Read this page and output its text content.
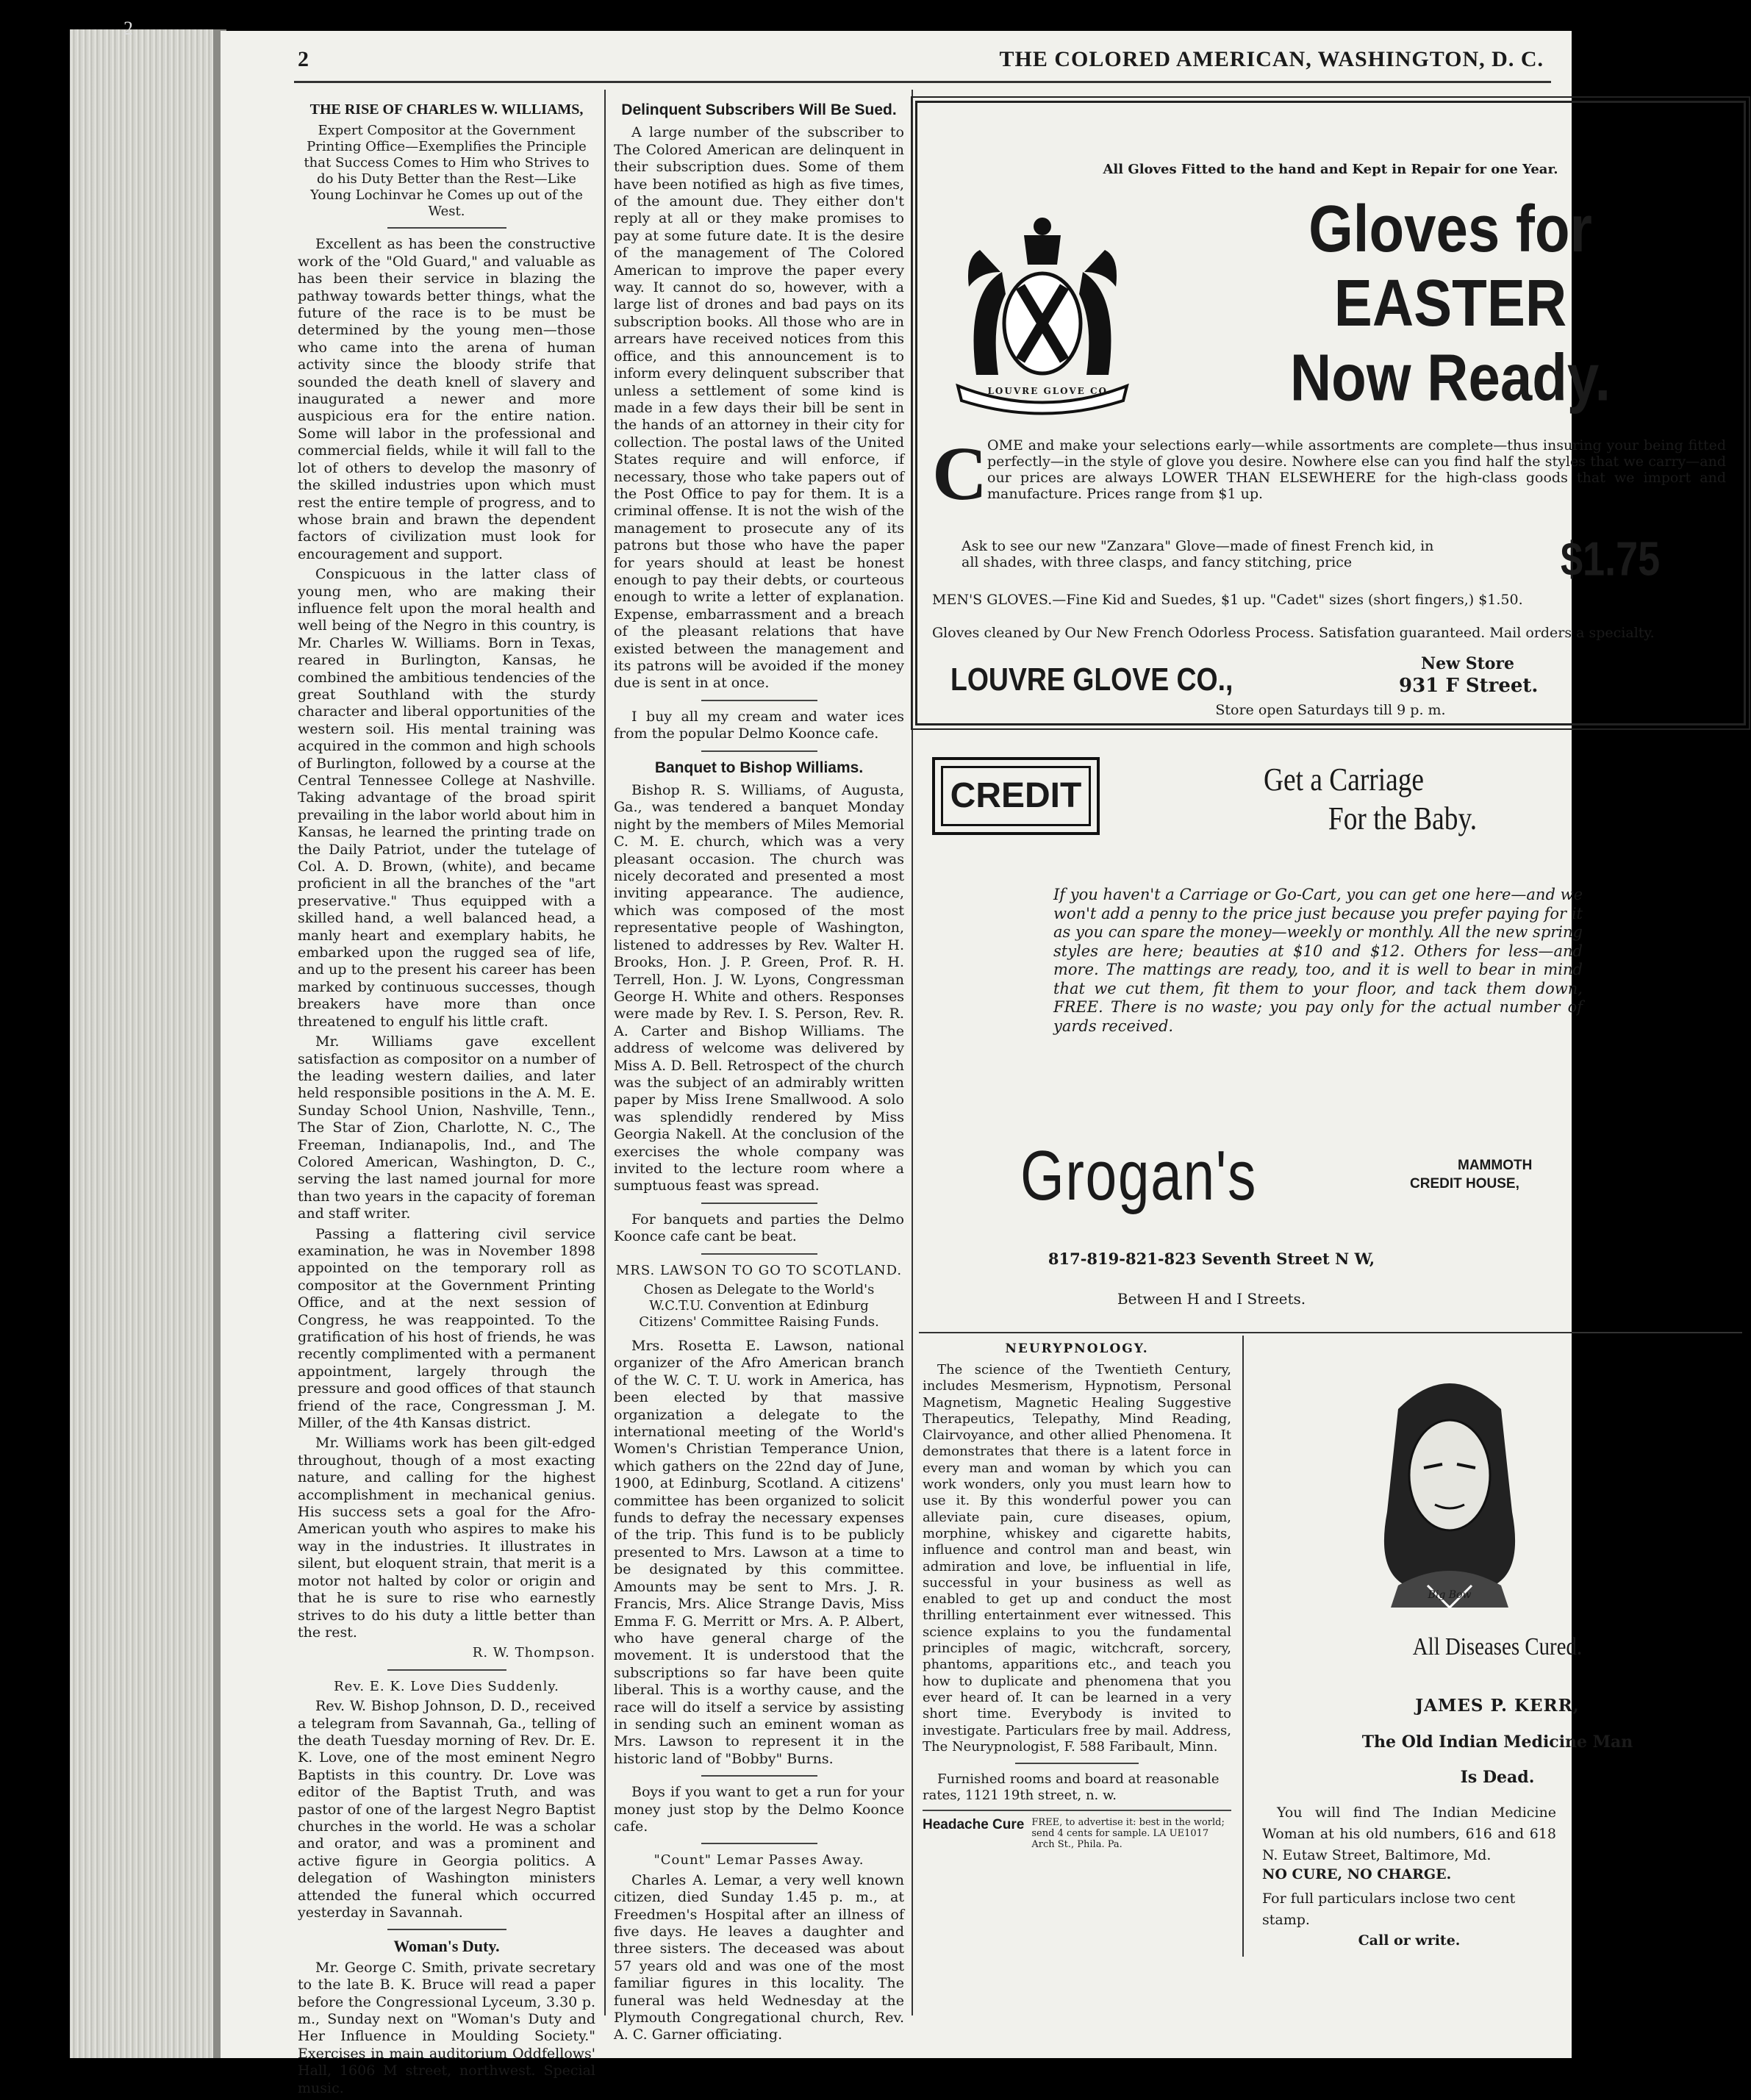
2
2	THE COLORED AMERICAN, WASHINGTON, D. C.
THE RISE OF CHARLES W. WILLIAMS,
Expert Compositor at the Government Printing Office—Exemplifies the Principle that Success Comes to Him who Strives to do his Duty Better than the Rest—Like Young Lochinvar he Comes up out of the West.

Excellent as has been the constructive work of the "Old Guard," and valuable as has been their service in blazing the pathway towards better things, what the future of the race is to be must be determined by the young men—those who came into the arena of human activity since the bloody strife that sounded the death knell of slavery and inaugurated a newer and more auspicious era for the entire nation. Some will labor in the professional and commercial fields, while it will fall to the lot of others to develop the masonry of the skilled industries upon which must rest the entire temple of progress, and to whose brain and brawn the dependent factors of civilization must look for encouragement and support.

Conspicuous in the latter class of young men, who are making their influence felt upon the moral health and well being of the Negro in this country, is Mr. Charles W. Williams. Born in Texas, reared in Burlington, Kansas, he combined the ambitious tendencies of the great Southland with the sturdy character and liberal opportunities of the western soil. His mental training was acquired in the common and high schools of Burlington, followed by a course at the Central Tennessee College at Nashville. Taking advantage of the broad spirit prevailing in the labor world about him in Kansas, he learned the printing trade on the Daily Patriot, under the tutelage of Col. A. D. Brown, (white), and became proficient in all the branches of the "art preservative." Thus equipped with a skilled hand, a well balanced head, a manly heart and exemplary habits, he embarked upon the rugged sea of life, and up to the present his career has been marked by continuous successes, though breakers have more than once threatened to engulf his little craft.

Mr. Williams gave excellent satisfaction as compositor on a number of the leading western dailies, and later held responsible positions in the A. M. E. Sunday School Union, Nashville, Tenn., The Star of Zion, Charlotte, N. C., The Freeman, Indianapolis, Ind., and The Colored American, Washington, D. C., serving the last named journal for more than two years in the capacity of foreman and staff writer.

Passing a flattering civil service examination, he was in November 1898 appointed on the temporary roll as compositor at the Government Printing Office, and at the next session of Congress, he was reappointed. To the gratification of his host of friends, he was recently complimented with a permanent appointment, largely through the pressure and good offices of that staunch friend of the race, Congressman J. M. Miller, of the 4th Kansas district.

Mr. Williams work has been gilt-edged throughout, though of a most exacting nature, and calling for the highest accomplishment in mechanical genius. His success sets a goal for the Afro-American youth who aspires to make his way in the industries. It illustrates in silent, but eloquent strain, that merit is a motor not halted by color or origin and that he is sure to rise who earnestly strives to do his duty a little better than the rest.

R. W. Thompson.
Rev. E. K. Love Dies Suddenly.

Rev. W. Bishop Johnson, D. D., received a telegram from Savannah, Ga., telling of the death Tuesday morning of Rev. Dr. E. K. Love, one of the most eminent Negro Baptists in this country. Dr. Love was editor of the Baptist Truth, and was pastor of one of the largest Negro Baptist churches in the world. He was a scholar and orator, and was a prominent and active figure in Georgia politics. A delegation of Washington ministers attended the funeral which occurred yesterday in Savannah.

Woman's Duty.

Mr. George C. Smith, private secretary to the late B. K. Bruce will read a paper before the Congressional Lyceum, 3.30 p. m., Sunday next on "Woman's Duty and Her Influence in Moulding Society." Exercises in main auditorium Oddfellows' Hall, 1606 M street, northwest. Special music.

Delinquent Subscribers Will Be Sued.

A large number of the subscriber to The Colored American are delinquent in their subscription dues. Some of them have been notified as high as five times, of the amount due. They either don't reply at all or they make promises to pay at some future date. It is the desire of the management of The Colored American to improve the paper every way. It cannot do so, however, with a large list of drones and bad pays on its subscription books. All those who are in arrears have received notices from this office, and this announcement is to inform every delinquent subscriber that unless a settlement of some kind is made in a few days their bill be sent in the hands of an attorney in their city for collection. The postal laws of the United States require and will enforce, if necessary, those who take papers out of the Post Office to pay for them. It is a criminal offense. It is not the wish of the management to prosecute any of its patrons but those who have the paper for years should at least be honest enough to pay their debts, or courteous enough to write a letter of explanation. Expense, embarrassment and a breach of the pleasant relations that have existed between the management and its patrons will be avoided if the money due is sent in at once.

I buy all my cream and water ices from the popular Delmo Koonce cafe.

Banquet to Bishop Williams.

Bishop R. S. Williams, of Augusta, Ga., was tendered a banquet Monday night by the members of Miles Memorial C. M. E. church, which was a very pleasant occasion. The church was nicely decorated and presented a most inviting appearance. The audience, which was composed of the most representative people of Washington, listened to addresses by Rev. Walter H. Brooks, Hon. J. P. Green, Prof. R. H. Terrell, Hon. J. W. Lyons, Congressman George H. White and others. Responses were made by Rev. I. S. Person, Rev. R. A. Carter and Bishop Williams. The address of welcome was delivered by Miss A. D. Bell. Retrospect of the church was the subject of an admirably written paper by Miss Irene Smallwood. A solo was splendidly rendered by Miss Georgia Nakell. At the conclusion of the exercises the whole company was invited to the lecture room where a sumptuous feast was spread.

For banquets and parties the Delmo Koonce cafe cant be beat.

MRS. LAWSON TO GO TO SCOTLAND.
Chosen as Delegate to the World's W.C.T.U. Convention at Edinburg Citizens' Committee Raising Funds.

Mrs. Rosetta E. Lawson, national organizer of the Afro American branch of the W. C. T. U. work in America, has been elected by that massive organization a delegate to the international meeting of the World's Women's Christian Temperance Union, which gathers on the 22nd day of June, 1900, at Edinburg, Scotland. A citizens' committee has been organized to solicit funds to defray the necessary expenses of the trip. This fund is to be publicly presented to Mrs. Lawson at a time to be designated by this committee. Amounts may be sent to Mrs. J. R. Francis, Mrs. Alice Strange Davis, Miss Emma F. G. Merritt or Mrs. A. P. Albert, who have general charge of the movement. It is understood that the subscriptions so far have been quite liberal. This is a worthy cause, and the race will do itself a service by assisting in sending such an eminent woman as Mrs. Lawson to represent it in the historic land of "Bobby" Burns.

Boys if you want to get a run for your money just stop by the Delmo Koonce cafe.

"Count" Lemar Passes Away.

Charles A. Lemar, a very well known citizen, died Sunday 1.45 p. m., at Freedmen's Hospital after an illness of five days. He leaves a daughter and three sisters. The deceased was about 57 years old and was one of the most familiar figures in this locality. The funeral was held Wednesday at the Plymouth Congregational church, Rev. A. C. Garner officiating.

All Gloves Fitted to the hand and Kept in Repair for one Year.
LOUVRE GLOVE CO.
Gloves for
EASTER
Now Ready.
C OME and make your selections early—while assortments are complete—thus insuring your being fitted perfectly—in the style of glove you desire. Nowhere else can you find half the styles that we carry—and our prices are always LOWER THAN ELSEWHERE for the high-class goods that we import and manufacture. Prices range from $1 up.
Ask to see our new "Zanzara" Glove—made of finest French kid, in all shades, with three clasps, and fancy stitching, price	$1.75
MEN'S GLOVES.—Fine Kid and Suedes, $1 up. "Cadet" sizes (short fingers,) $1.50.
Gloves cleaned by Our New French Odorless Process. Satisfation guaranteed. Mail orders a specialty.
LOUVRE GLOVE CO.,	New Store
931 F Street.
Store open Saturdays till 9 p. m.
CREDIT	Get a Carriage
For the Baby.
If you haven't a Carriage or Go-Cart, you can get one here—and we won't add a penny to the price just because you prefer paying for it as you can spare the money—weekly or monthly. All the new spring styles are here; beauties at $10 and $12. Others for less—and more. The mattings are ready, too, and it is well to bear in mind that we cut them, fit them to your floor, and tack them down, FREE. There is no waste; you pay only for the actual number of yards received.
Grogan's	MAMMOTH
CREDIT HOUSE,
817-819-821-823 Seventh Street N W,
Between H and I Streets.
NEURYPNOLOGY.
The science of the Twentieth Century, includes Mesmerism, Hypnotism, Personal Magnetism, Magnetic Healing Suggestive Therapeutics, Telepathy, Mind Reading, Clairvoyance, and other allied Phenomena. It demonstrates that there is a latent force in every man and woman by which you can work wonders, only you must learn how to use it. By this wonderful power you can alleviate pain, cure diseases, opium, morphine, whiskey and cigarette habits, influence and control man and beast, win admiration and love, be influential in life, successful in your business as well as enabled to get up and conduct the most thrilling entertainment ever witnessed. This science explains to you the fundamental principles of magic, witchcraft, sorcery, phantoms, apparitions etc., and teach you how to duplicate and phenomena that you ever heard of. It can be learned in a very short time. Everybody is invited to investigate. Particulars free by mail. Address, The Neurypnologist, F. 588 Faribault, Minn.
Furnished rooms and board at reasonable rates, 1121 19th street, n. w.
Headache Cure FREE, to advertise it: best in the world; send 4 cents for sample. LA UE1017 Arch St., Phila. Pa.
Big Bow
All Diseases Cured.
JAMES P. KERR,
The Old Indian Medicine Man
Is Dead.
You will find The Indian Medicine Woman at his old numbers, 616 and 618 N. Eutaw Street, Baltimore, Md.
NO CURE, NO CHARGE.
For full particulars inclose two cent stamp.
Call or write.
